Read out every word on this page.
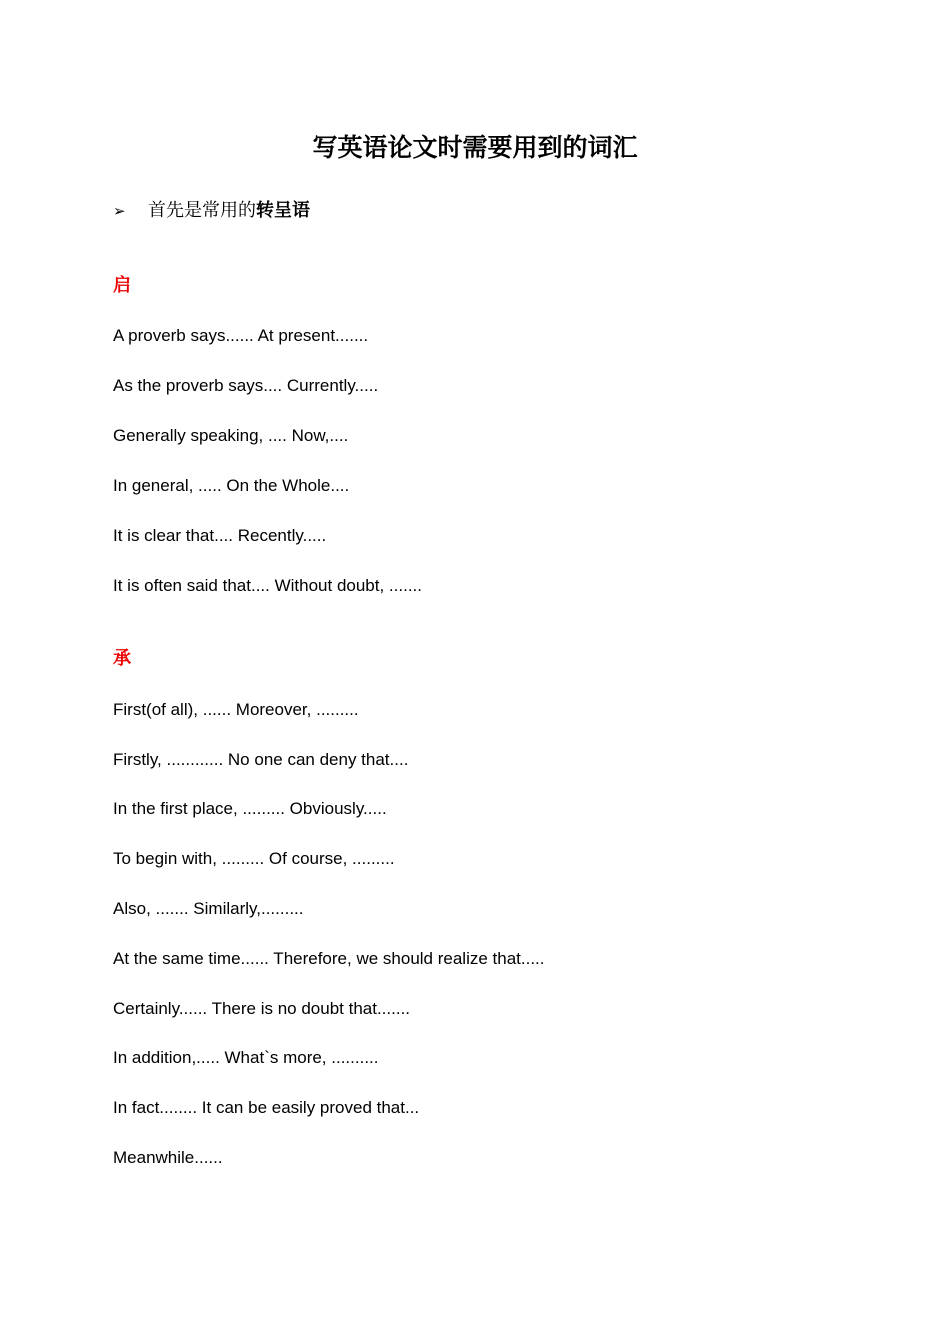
写英语论文时需要用到的词汇
➢	首先是常用的 转呈语
启
A proverb says...... At present.......
As the proverb says.... Currently.....
Generally speaking, .... Now,....
In general, ..... On the Whole....
It is clear that.... Recently.....
It is often said that.... Without doubt, .......
承
First(of all), ...... Moreover, .........
Firstly, ............ No one can deny that....
In the first place, ......... Obviously.....
To begin with, ......... Of course, .........
Also, ....... Similarly,.........
At the same time...... Therefore, we should realize that.....
Certainly...... There is no doubt that.......
In addition,..... What`s more, ..........
In fact........ It can be easily proved that...
Meanwhile......
